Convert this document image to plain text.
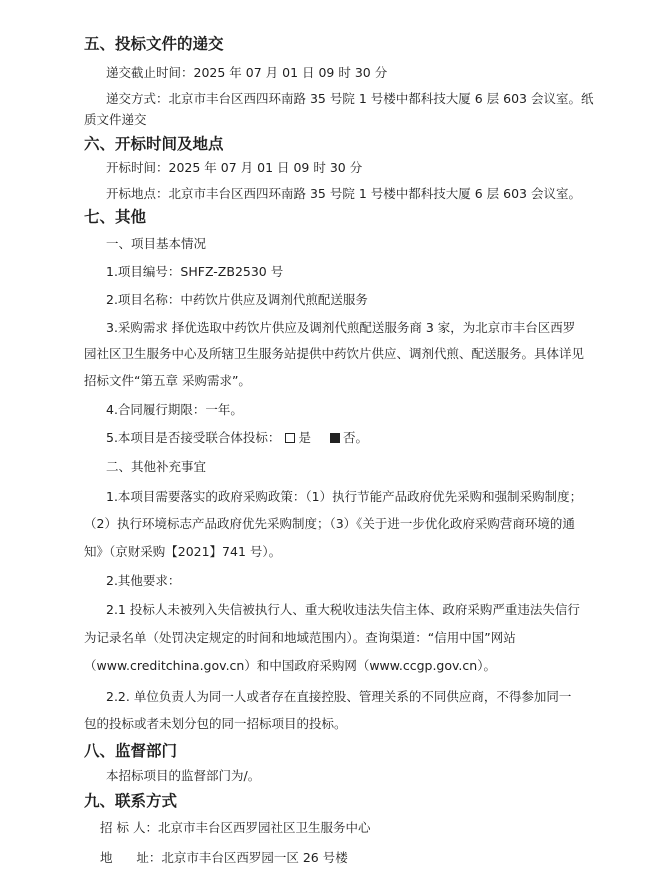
五、投标文件的递交
递交截止时间：2025 年 07 月 01 日 09 时 30 分
递交方式：北京市丰台区西四环南路 35 号院 1 号楼中都科技大厦 6 层 603 会议室。纸
质文件递交
六、开标时间及地点
开标时间：2025 年 07 月 01 日 09 时 30 分
开标地点：北京市丰台区西四环南路 35 号院 1 号楼中都科技大厦 6 层 603 会议室。
七、其他
一、项目基本情况
1.项目编号：SHFZ-ZB2530 号
2.项目名称：中药饮片供应及调剂代煎配送服务
3.采购需求 择优选取中药饮片供应及调剂代煎配送服务商 3 家，为北京市丰台区西罗
园社区卫生服务中心及所辖卫生服务站提供中药饮片供应、调剂代煎、配送服务。具体详见
招标文件“第五章 采购需求”。
4.合同履行期限：一年。
5.本项目是否接受联合体投标： 是	否。
二、其他补充事宜
1.本项目需要落实的政府采购政策：（1）执行节能产品政府优先采购和强制采购制度；
（2）执行环境标志产品政府优先采购制度；（3）《关于进一步优化政府采购营商环境的通
知》（京财采购【2021】741 号）。
2.其他要求：
2.1 投标人未被列入失信被执行人、重大税收违法失信主体、政府采购严重违法失信行
为记录名单（处罚决定规定的时间和地域范围内）。查询渠道：“信用中国”网站
（www.creditchina.gov.cn）和中国政府采购网（www.ccgp.gov.cn）。
2.2. 单位负责人为同一人或者存在直接控股、管理关系的不同供应商，不得参加同一
包的投标或者未划分包的同一招标项目的投标。
八、监督部门
本招标项目的监督部门为/。
九、联系方式
招 标 人：北京市丰台区西罗园社区卫生服务中心
地      址：北京市丰台区西罗园一区 26 号楼
